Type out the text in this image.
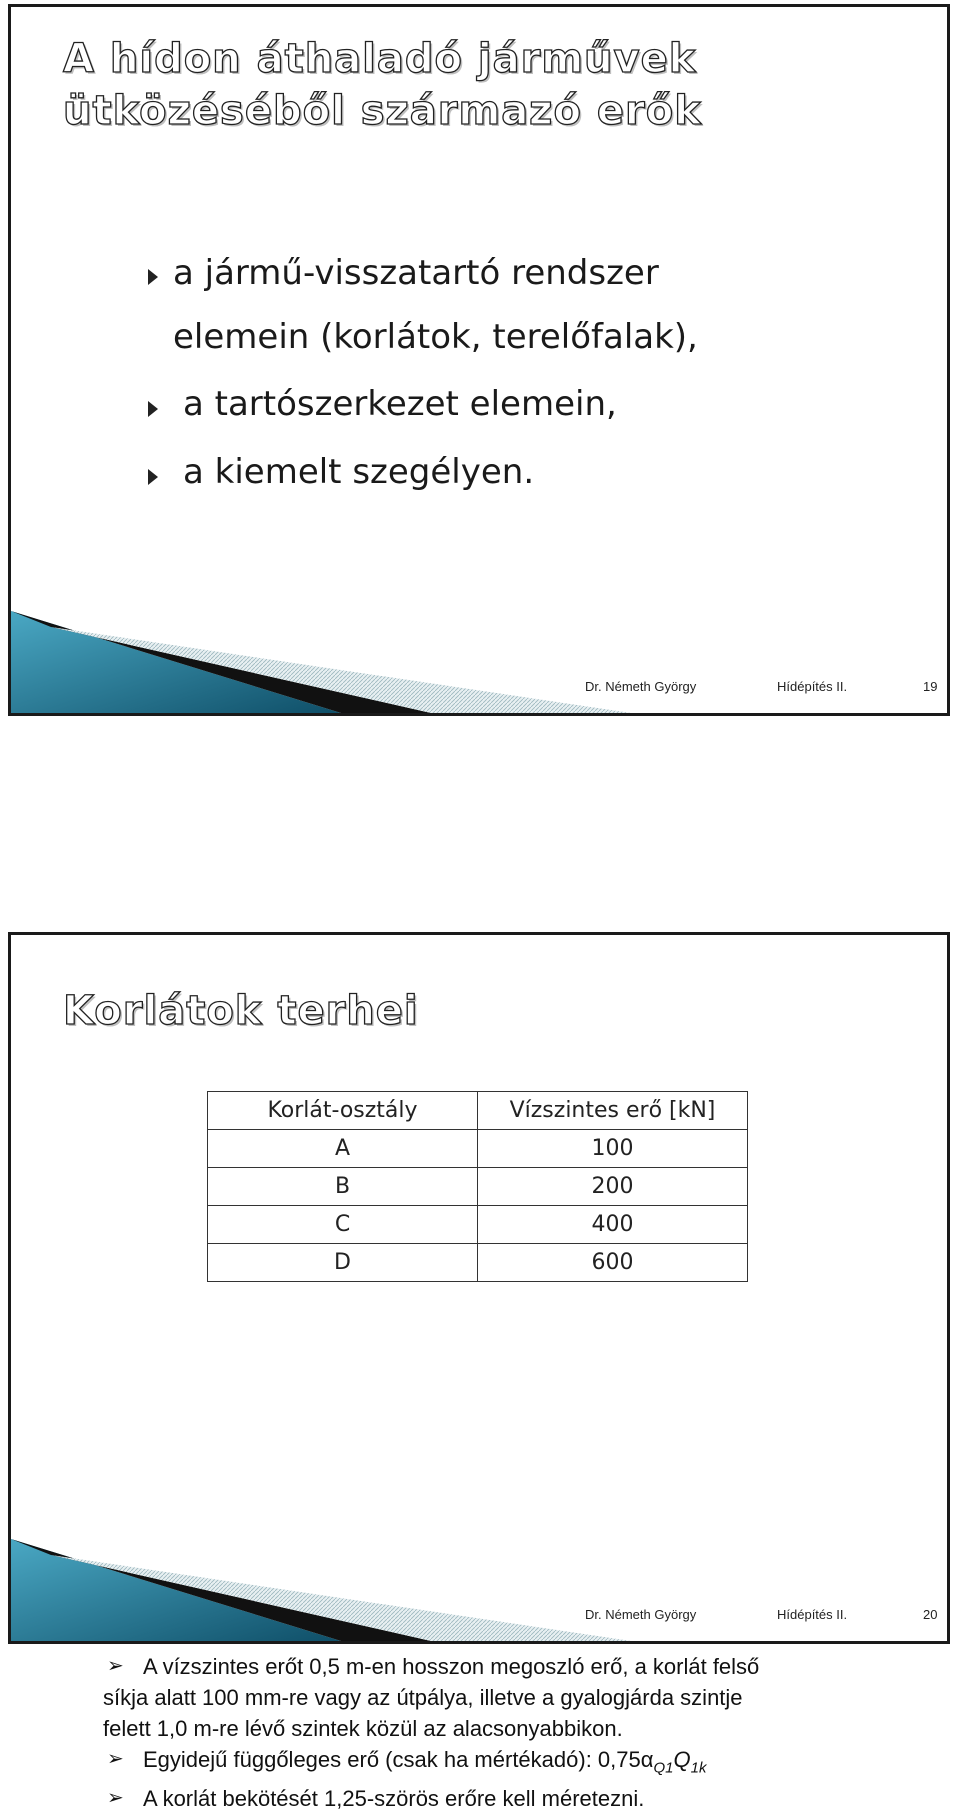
A hídon áthaladó járművek
ütközéséből származó erők
a jármű-visszatartó rendszer
elemein (korlátok, terelőfalak),
a tartószerkezet elemein,
a kiemelt szegélyen.
Dr. Németh György	Hídépítés II.	19
Korlátok terhei
Korlát-osztály	Vízszintes erő [kN]
A	100
B	200
C	400
D	600
➢ A vízszintes erőt 0,5 m-en hosszon megoszló erő, a korlát felső
síkja alatt 100 mm-re vagy az útpálya, illetve a gyalogjárda szintje
felett 1,0 m-re lévő szintek közül az alacsonyabbikon.
➢ Egyidejű függőleges erő (csak ha mértékadó): $0,75\alpha_{Q1}Q_{1k}$
➢ A korlát bekötését 1,25-szörös erőre kell méretezni.
Dr. Németh György	Hídépítés II.	20
